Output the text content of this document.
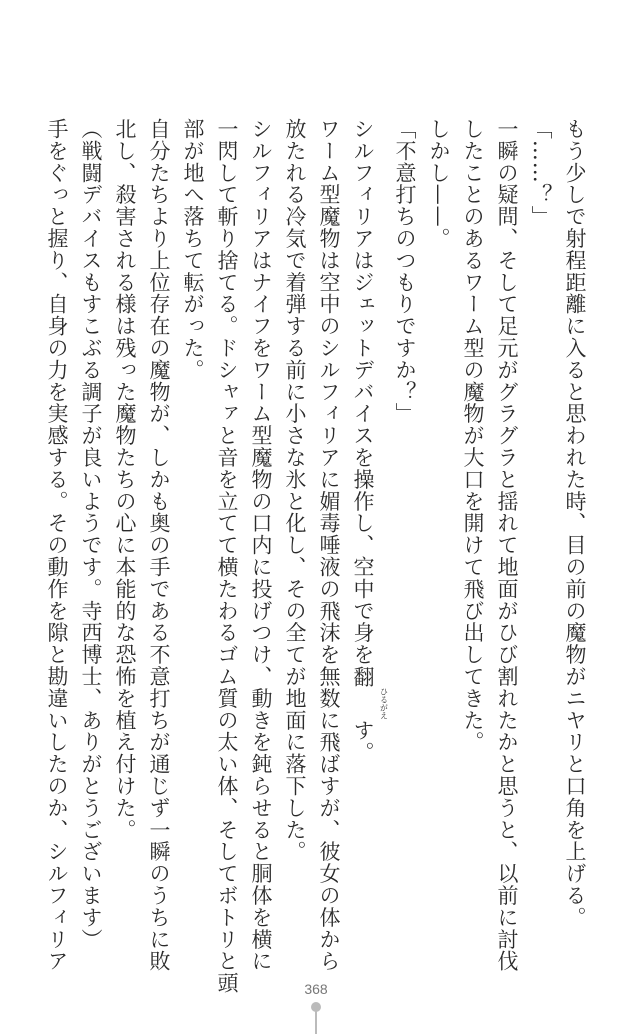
もう少しで射程距離に入ると思われた時、目の前の魔物がニヤリと口角を上げる。
「……？」
一瞬の疑問、そして足元がグラグラと揺れて地面がひび割れたかと思うと、以前に討伐
したことのあるワーム型の魔物が大口を開けて飛び出してきた。
しかし——。
「不意打ちのつもりですか？」
シルフィリアはジェットデバイスを操作し、空中で身を翻ひるがえす。
ワーム型魔物は空中のシルフィリアに媚毒唾液の飛沫を無数に飛ばすが、彼女の体から
放たれる冷気で着弾する前に小さな氷と化し、その全てが地面に落下した。
シルフィリアはナイフをワーム型魔物の口内に投げつけ、動きを鈍らせると胴体を横に
一閃して斬り捨てる。ドシャァと音を立てて横たわるゴム質の太い体、そしてボトリと頭
部が地へ落ちて転がった。
自分たちより上位存在の魔物が、しかも奥の手である不意打ちが通じず一瞬のうちに敗
北し、殺害される様は残った魔物たちの心に本能的な恐怖を植え付けた。
（戦闘デバイスもすこぶる調子が良いようです。寺西博士、ありがとうございます）
手をぐっと握り、自身の力を実感する。その動作を隙と勘違いしたのか、シルフィリア
368
